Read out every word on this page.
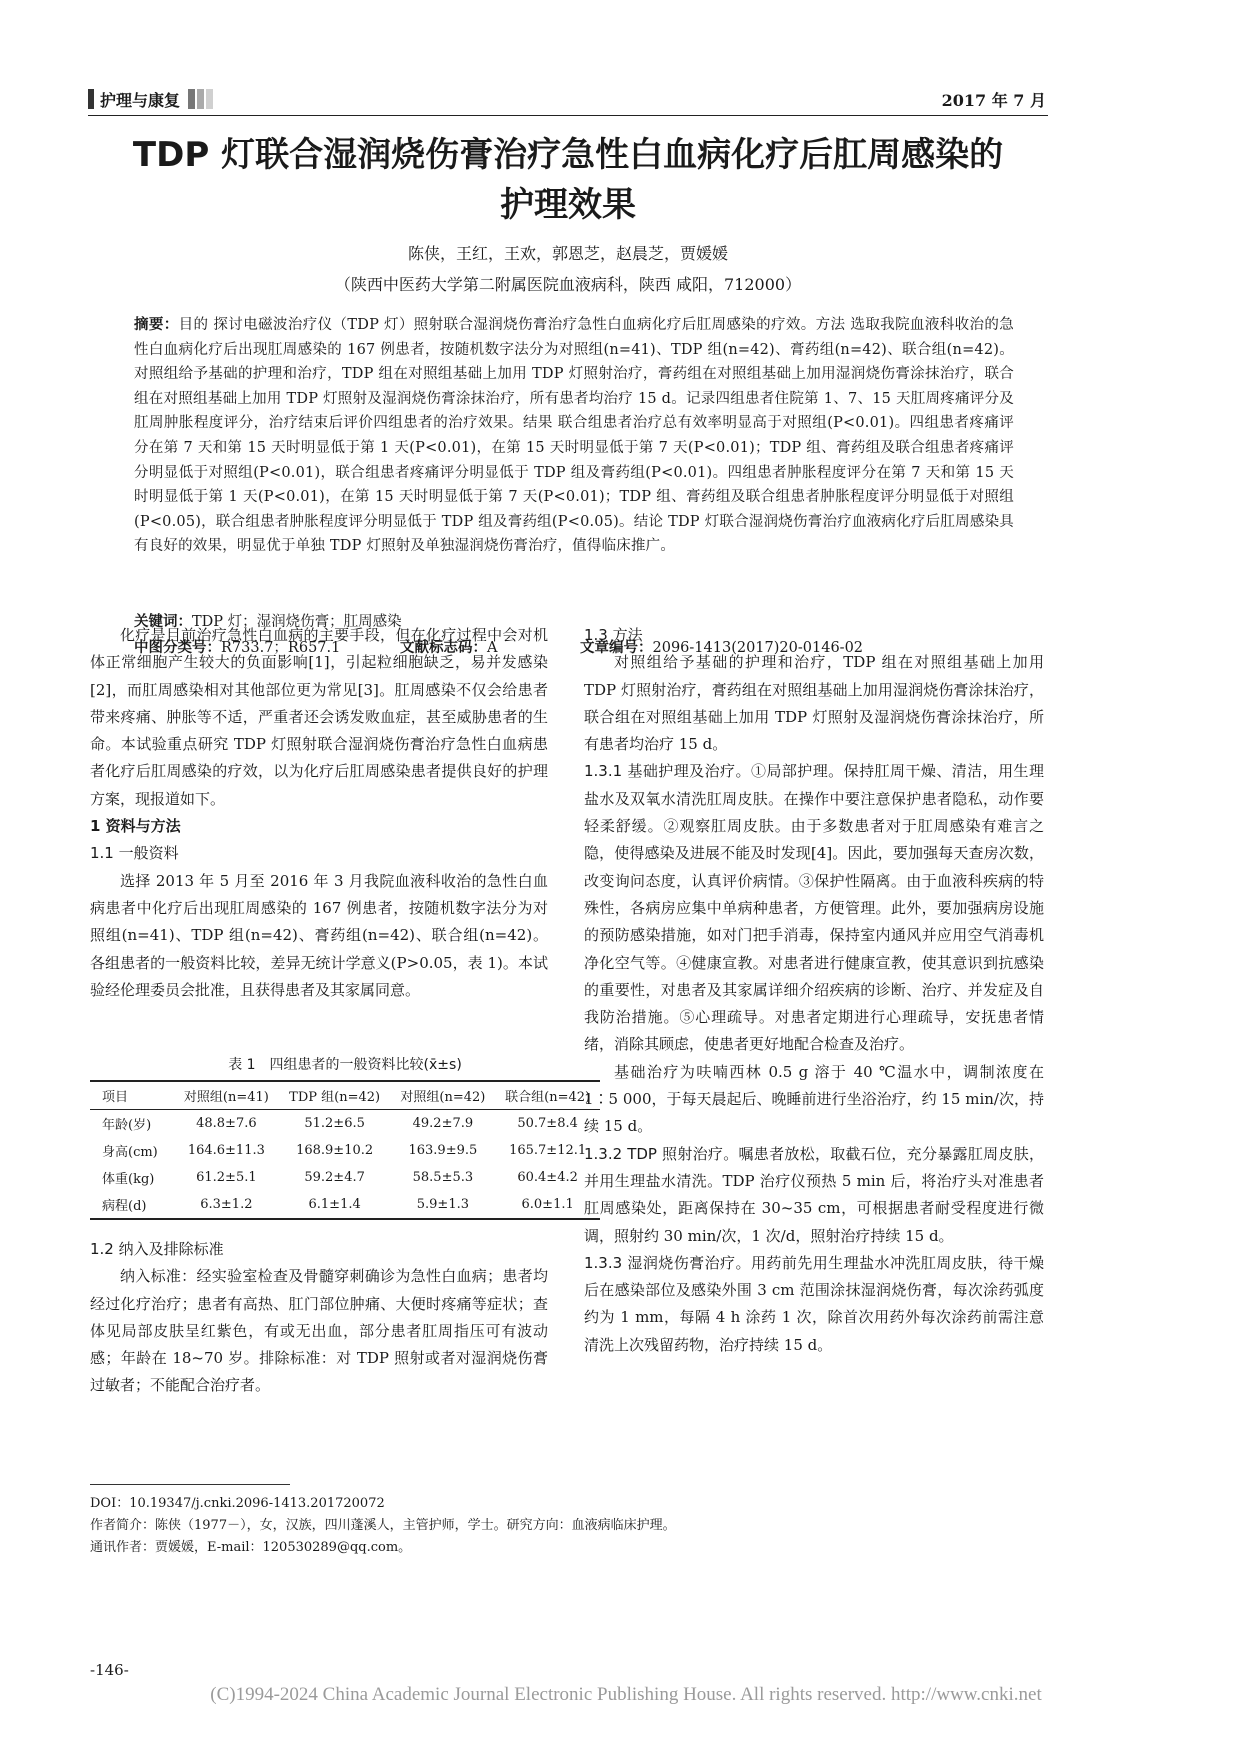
护理与康复	2017 年 7 月
TDP 灯联合湿润烧伤膏治疗急性白血病化疗后肛周感染的
护理效果
陈侠，王红，王欢，郭恩芝，赵晨芝，贾媛媛
（陕西中医药大学第二附属医院血液病科，陕西 咸阳，712000）
摘要：目的 探讨电磁波治疗仪（TDP 灯）照射联合湿润烧伤膏治疗急性白血病化疗后肛周感染的疗效。方法 选取我院血液科收治的急性白血病化疗后出现肛周感染的 167 例患者，按随机数字法分为对照组(n=41)、TDP 组(n=42)、膏药组(n=42)、联合组(n=42)。对照组给予基础的护理和治疗，TDP 组在对照组基础上加用 TDP 灯照射治疗，膏药组在对照组基础上加用湿润烧伤膏涂抹治疗，联合组在对照组基础上加用 TDP 灯照射及湿润烧伤膏涂抹治疗，所有患者均治疗 15 d。记录四组患者住院第 1、7、15 天肛周疼痛评分及肛周肿胀程度评分，治疗结束后评价四组患者的治疗效果。结果 联合组患者治疗总有效率明显高于对照组(P<0.01)。四组患者疼痛评分在第 7 天和第 15 天时明显低于第 1 天(P<0.01)，在第 15 天时明显低于第 7 天(P<0.01)；TDP 组、膏药组及联合组患者疼痛评分明显低于对照组(P<0.01)，联合组患者疼痛评分明显低于 TDP 组及膏药组(P<0.01)。四组患者肿胀程度评分在第 7 天和第 15 天时明显低于第 1 天(P<0.01)，在第 15 天时明显低于第 7 天(P<0.01)；TDP 组、膏药组及联合组患者肿胀程度评分明显低于对照组(P<0.05)，联合组患者肿胀程度评分明显低于 TDP 组及膏药组(P<0.05)。结论 TDP 灯联合湿润烧伤膏治疗血液病化疗后肛周感染具有良好的效果，明显优于单独 TDP 灯照射及单独湿润烧伤膏治疗，值得临床推广。
关键词：TDP 灯；湿润烧伤膏；肛周感染
中图分类号：R733.7；R657.1	文献标志码：A	文章编号：2096-1413(2017)20-0146-02

化疗是目前治疗急性白血病的主要手段，但在化疗过程中会对机体正常细胞产生较大的负面影响[1]，引起粒细胞缺乏，易并发感染[2]，而肛周感染相对其他部位更为常见[3]。肛周感染不仅会给患者带来疼痛、肿胀等不适，严重者还会诱发败血症，甚至威胁患者的生命。本试验重点研究 TDP 灯照射联合湿润烧伤膏治疗急性白血病患者化疗后肛周感染的疗效，以为化疗后肛周感染患者提供良好的护理方案，现报道如下。

1 资料与方法

1.1 一般资料

选择 2013 年 5 月至 2016 年 3 月我院血液科收治的急性白血病患者中化疗后出现肛周感染的 167 例患者，按随机数字法分为对照组(n=41)、TDP 组(n=42)、膏药组(n=42)、联合组(n=42)。各组患者的一般资料比较，差异无统计学意义(P>0.05，表 1)。本试验经伦理委员会批准，且获得患者及其家属同意。

表 1　四组患者的一般资料比较(x̄±s)
项目	对照组(n=41)	TDP 组(n=42)	对照组(n=42)	联合组(n=42)
年龄(岁)	48.8±7.6	51.2±6.5	49.2±7.9	50.7±8.4
身高(cm)	164.6±11.3	168.9±10.2	163.9±9.5	165.7±12.1
体重(kg)	61.2±5.1	59.2±4.7	58.5±5.3	60.4±4.2
病程(d)	6.3±1.2	6.1±1.4	5.9±1.3	6.0±1.1

1.2 纳入及排除标准

纳入标准：经实验室检查及骨髓穿刺确诊为急性白血病；患者均经过化疗治疗；患者有高热、肛门部位肿痛、大便时疼痛等症状；查体见局部皮肤呈红紫色，有或无出血，部分患者肛周指压可有波动感；年龄在 18~70 岁。排除标准：对 TDP 照射或者对湿润烧伤膏过敏者；不能配合治疗者。

1.3 方法

对照组给予基础的护理和治疗，TDP 组在对照组基础上加用 TDP 灯照射治疗，膏药组在对照组基础上加用湿润烧伤膏涂抹治疗，联合组在对照组基础上加用 TDP 灯照射及湿润烧伤膏涂抹治疗，所有患者均治疗 15 d。

1.3.1 基础护理及治疗。①局部护理。保持肛周干燥、清洁，用生理盐水及双氧水清洗肛周皮肤。在操作中要注意保护患者隐私，动作要轻柔舒缓。②观察肛周皮肤。由于多数患者对于肛周感染有难言之隐，使得感染及进展不能及时发现[4]。因此，要加强每天查房次数，改变询问态度，认真评价病情。③保护性隔离。由于血液科疾病的特殊性，各病房应集中单病种患者，方便管理。此外，要加强病房设施的预防感染措施，如对门把手消毒，保持室内通风并应用空气消毒机净化空气等。④健康宣教。对患者进行健康宣教，使其意识到抗感染的重要性，对患者及其家属详细介绍疾病的诊断、治疗、并发症及自我防治措施。⑤心理疏导。对患者定期进行心理疏导，安抚患者情绪，消除其顾虑，使患者更好地配合检查及治疗。

基础治疗为呋喃西林 0.5 g 溶于 40 ℃温水中，调制浓度在 1∶5 000，于每天晨起后、晚睡前进行坐浴治疗，约 15 min/次，持续 15 d。

1.3.2 TDP 照射治疗。嘱患者放松，取截石位，充分暴露肛周皮肤，并用生理盐水清洗。TDP 治疗仪预热 5 min 后，将治疗头对准患者肛周感染处，距离保持在 30~35 cm，可根据患者耐受程度进行微调，照射约 30 min/次，1 次/d，照射治疗持续 15 d。

1.3.3 湿润烧伤膏治疗。用药前先用生理盐水冲洗肛周皮肤，待干燥后在感染部位及感染外围 3 cm 范围涂抹湿润烧伤膏，每次涂药弧度约为 1 mm，每隔 4 h 涂药 1 次，除首次用药外每次涂药前需注意清洗上次残留药物，治疗持续 15 d。

DOI：10.19347/j.cnki.2096-1413.201720072
作者简介：陈侠（1977－），女，汉族，四川蓬溪人，主管护师，学士。研究方向：血液病临床护理。
通讯作者：贾媛媛，E-mail：120530289@qq.com。
-146-
(C)1994-2024 China Academic Journal Electronic Publishing House. All rights reserved. http://www.cnki.net
